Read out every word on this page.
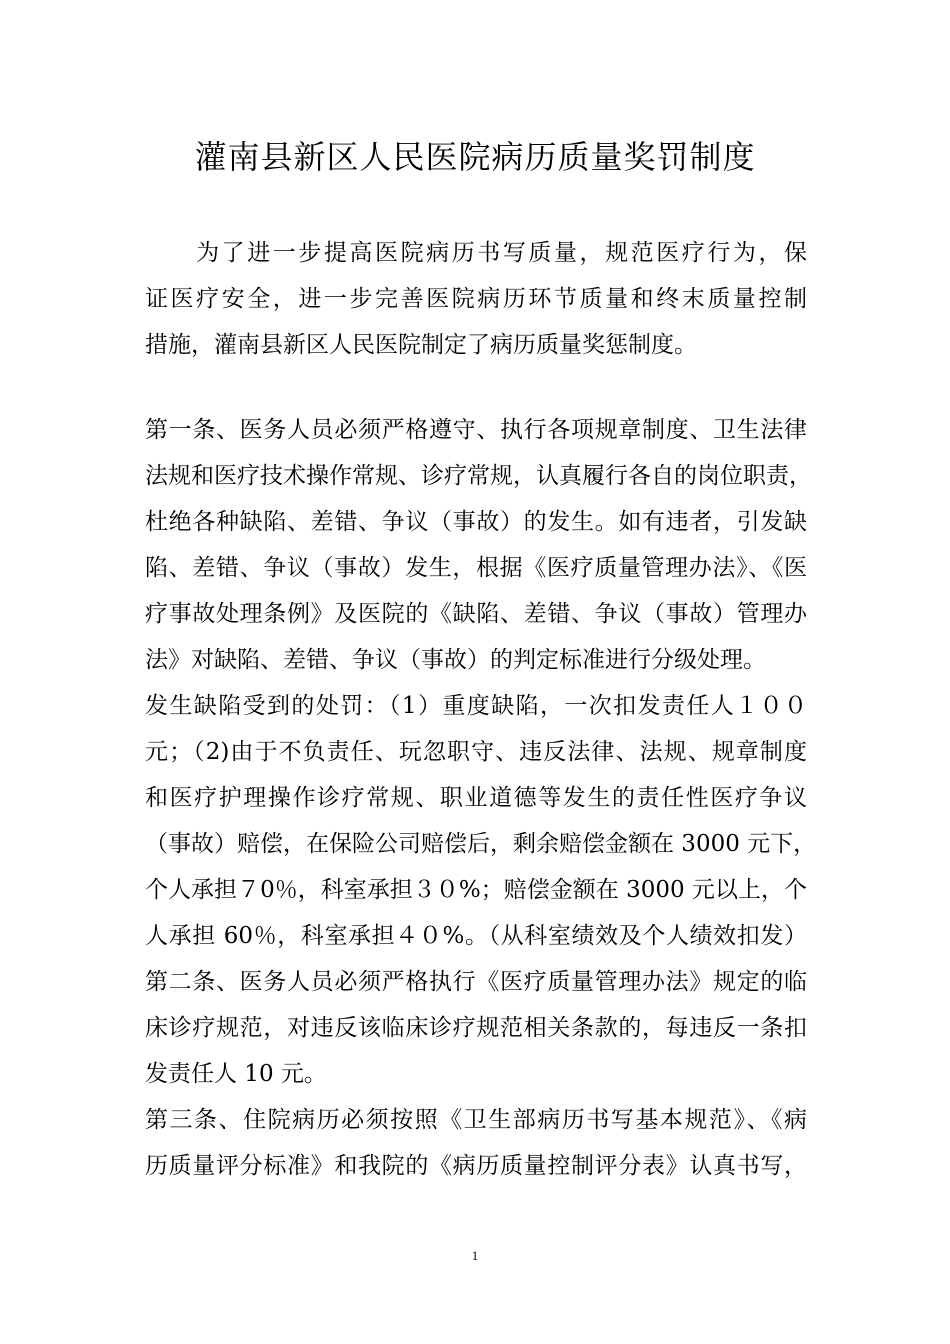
灌南县新区人民医院病历质量奖罚制度
　　为了进一步提高医院病历书写质量，规范医疗行为，保
证医疗安全，进一步完善医院病历环节质量和终末质量控制
措施，灌南县新区人民医院制定了病历质量奖惩制度。
第一条、医务人员必须严格遵守、执行各项规章制度、卫生法律
法规和医疗技术操作常规、诊疗常规，认真履行各自的岗位职责，
杜绝各种缺陷、差错、争议（事故）的发生。如有违者，引发缺
陷、差错、争议（事故）发生，根据《医疗质量管理办法》、《医
疗事故处理条例》及医院的《缺陷、差错、争议（事故）管理办
法》对缺陷、差错、争议（事故）的判定标准进行分级处理。
发生缺陷受到的处罚：（1）重度缺陷，一次扣发责任人１００
元；（2)由于不负责任、玩忽职守、违反法律、法规、规章制度
和医疗护理操作诊疗常规、职业道德等发生的责任性医疗争议
（事故）赔偿，在保险公司赔偿后，剩余赔偿金额在 3000 元下，
个人承担７0％，科室承担３０%；赔偿金额在 3000 元以上，个
人承担 60％，科室承担４０%。（从科室绩效及个人绩效扣发）
第二条、医务人员必须严格执行《医疗质量管理办法》规定的临
床诊疗规范，对违反该临床诊疗规范相关条款的，每违反一条扣
发责任人 10 元。
第三条、住院病历必须按照《卫生部病历书写基本规范》、《病
历质量评分标准》和我院的《病历质量控制评分表》认真书写，
1
